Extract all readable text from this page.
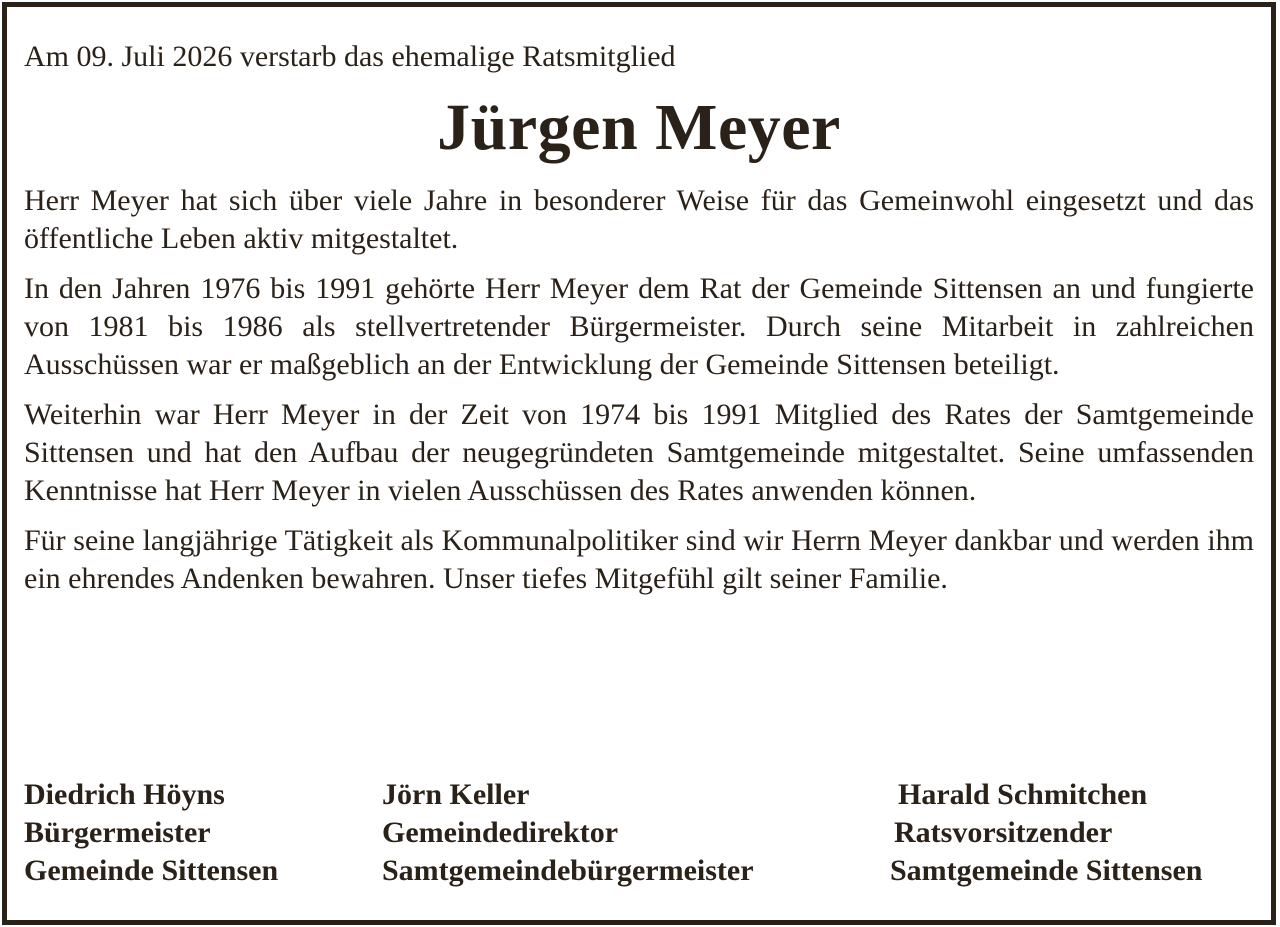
Am 09. Juli 2026 verstarb das ehemalige Ratsmitglied

Jürgen Meyer

Herr Meyer hat sich über viele Jahre in besonderer Weise für das Gemeinwohl eingesetzt und das öffentliche Leben aktiv mitgestaltet.

In den Jahren 1976 bis 1991 gehörte Herr Meyer dem Rat der Gemeinde Sittensen an und fungierte von 1981 bis 1986 als stellvertretender Bürgermeister. Durch seine Mitarbeit in zahlreichen Ausschüssen war er maßgeblich an der Entwicklung der Gemeinde Sittensen beteiligt.

Weiterhin war Herr Meyer in der Zeit von 1974 bis 1991 Mitglied des Rates der Samtgemeinde Sittensen und hat den Aufbau der neugegründeten Samtgemeinde mitgestaltet. Seine umfassenden Kenntnisse hat Herr Meyer in vielen Ausschüssen des Rates anwenden können.

Für seine langjährige Tätigkeit als Kommunalpolitiker sind wir Herrn Meyer dankbar und werden ihm ein ehrendes Andenken bewahren. Unser tiefes Mitgefühl gilt seiner Familie.

Diedrich Höyns
Bürgermeister
Gemeinde Sittensen
Jörn Keller
Gemeindedirektor
Samtgemeindebürgermeister
Harald Schmitchen
Ratsvorsitzender
Samtgemeinde Sittensen
